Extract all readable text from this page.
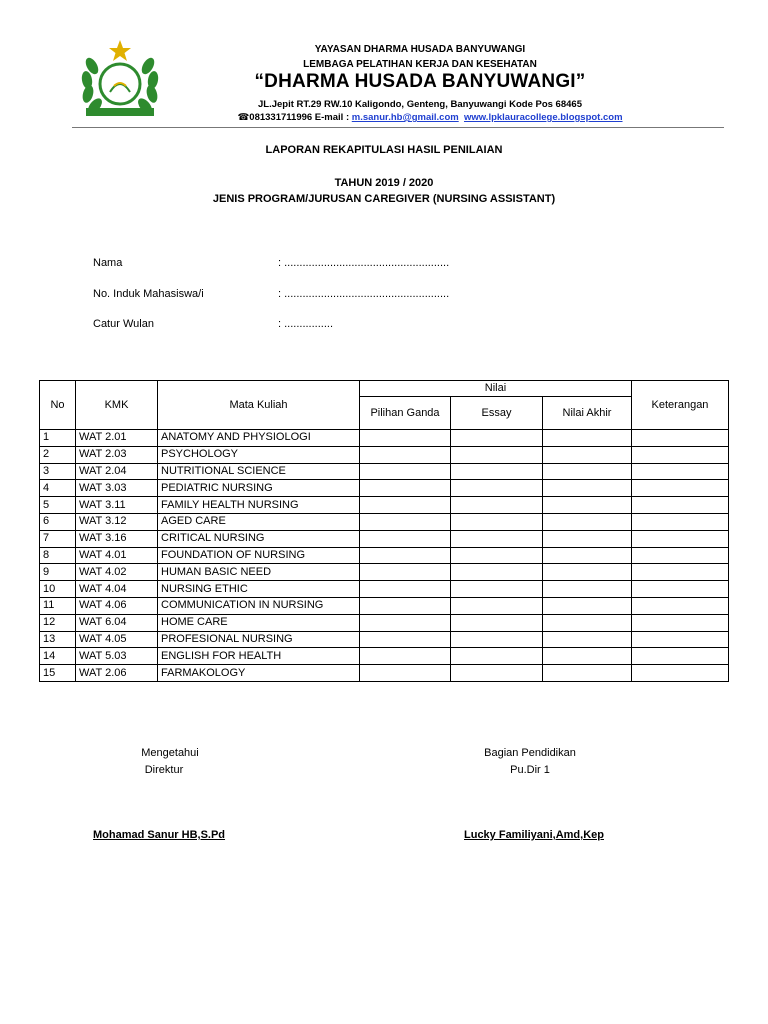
YAYASAN DHARMA HUSADA BANYUWANGI
LEMBAGA PELATIHAN KERJA DAN KESEHATAN
“DHARMA HUSADA BANYUWANGI”
JL.Jepit RT.29 RW.10 Kaligondo, Genteng, Banyuwangi Kode Pos 68465
☎081331711996 E-mail : m.sanur.hb@gmail.com www.lpklauracollege.blogspot.com
LAPORAN REKAPITULASI HASIL PENILAIAN
TAHUN 2019 / 2020
JENIS PROGRAM/JURUSAN CAREGIVER (NURSING ASSISTANT)
Nama	: ......................................................
No. Induk Mahasiswa/i	: ......................................................
Catur Wulan	: ................
No	KMK	Mata Kuliah	Nilai			Keterangan
			Pilihan Ganda	Essay	Nilai Akhir	
1	WAT 2.01	ANATOMY AND PHYSIOLOGI				
2	WAT 2.03	PSYCHOLOGY				
3	WAT 2.04	NUTRITIONAL SCIENCE				
4	WAT 3.03	PEDIATRIC NURSING				
5	WAT 3.11	FAMILY HEALTH NURSING				
6	WAT 3.12	AGED CARE				
7	WAT 3.16	CRITICAL NURSING				
8	WAT 4.01	FOUNDATION OF NURSING				
9	WAT 4.02	HUMAN BASIC NEED				
10	WAT 4.04	NURSING ETHIC				
11	WAT 4.06	COMMUNICATION IN NURSING				
12	WAT 6.04	HOME CARE				
13	WAT 4.05	PROFESIONAL NURSING				
14	WAT 5.03	ENGLISH FOR HEALTH				
15	WAT 2.06	FARMAKOLOGY				
Mengetahui
Direktur
Mohamad Sanur HB,S.Pd
Bagian Pendidikan
Pu.Dir 1
Lucky Familiyani,Amd,Kep
